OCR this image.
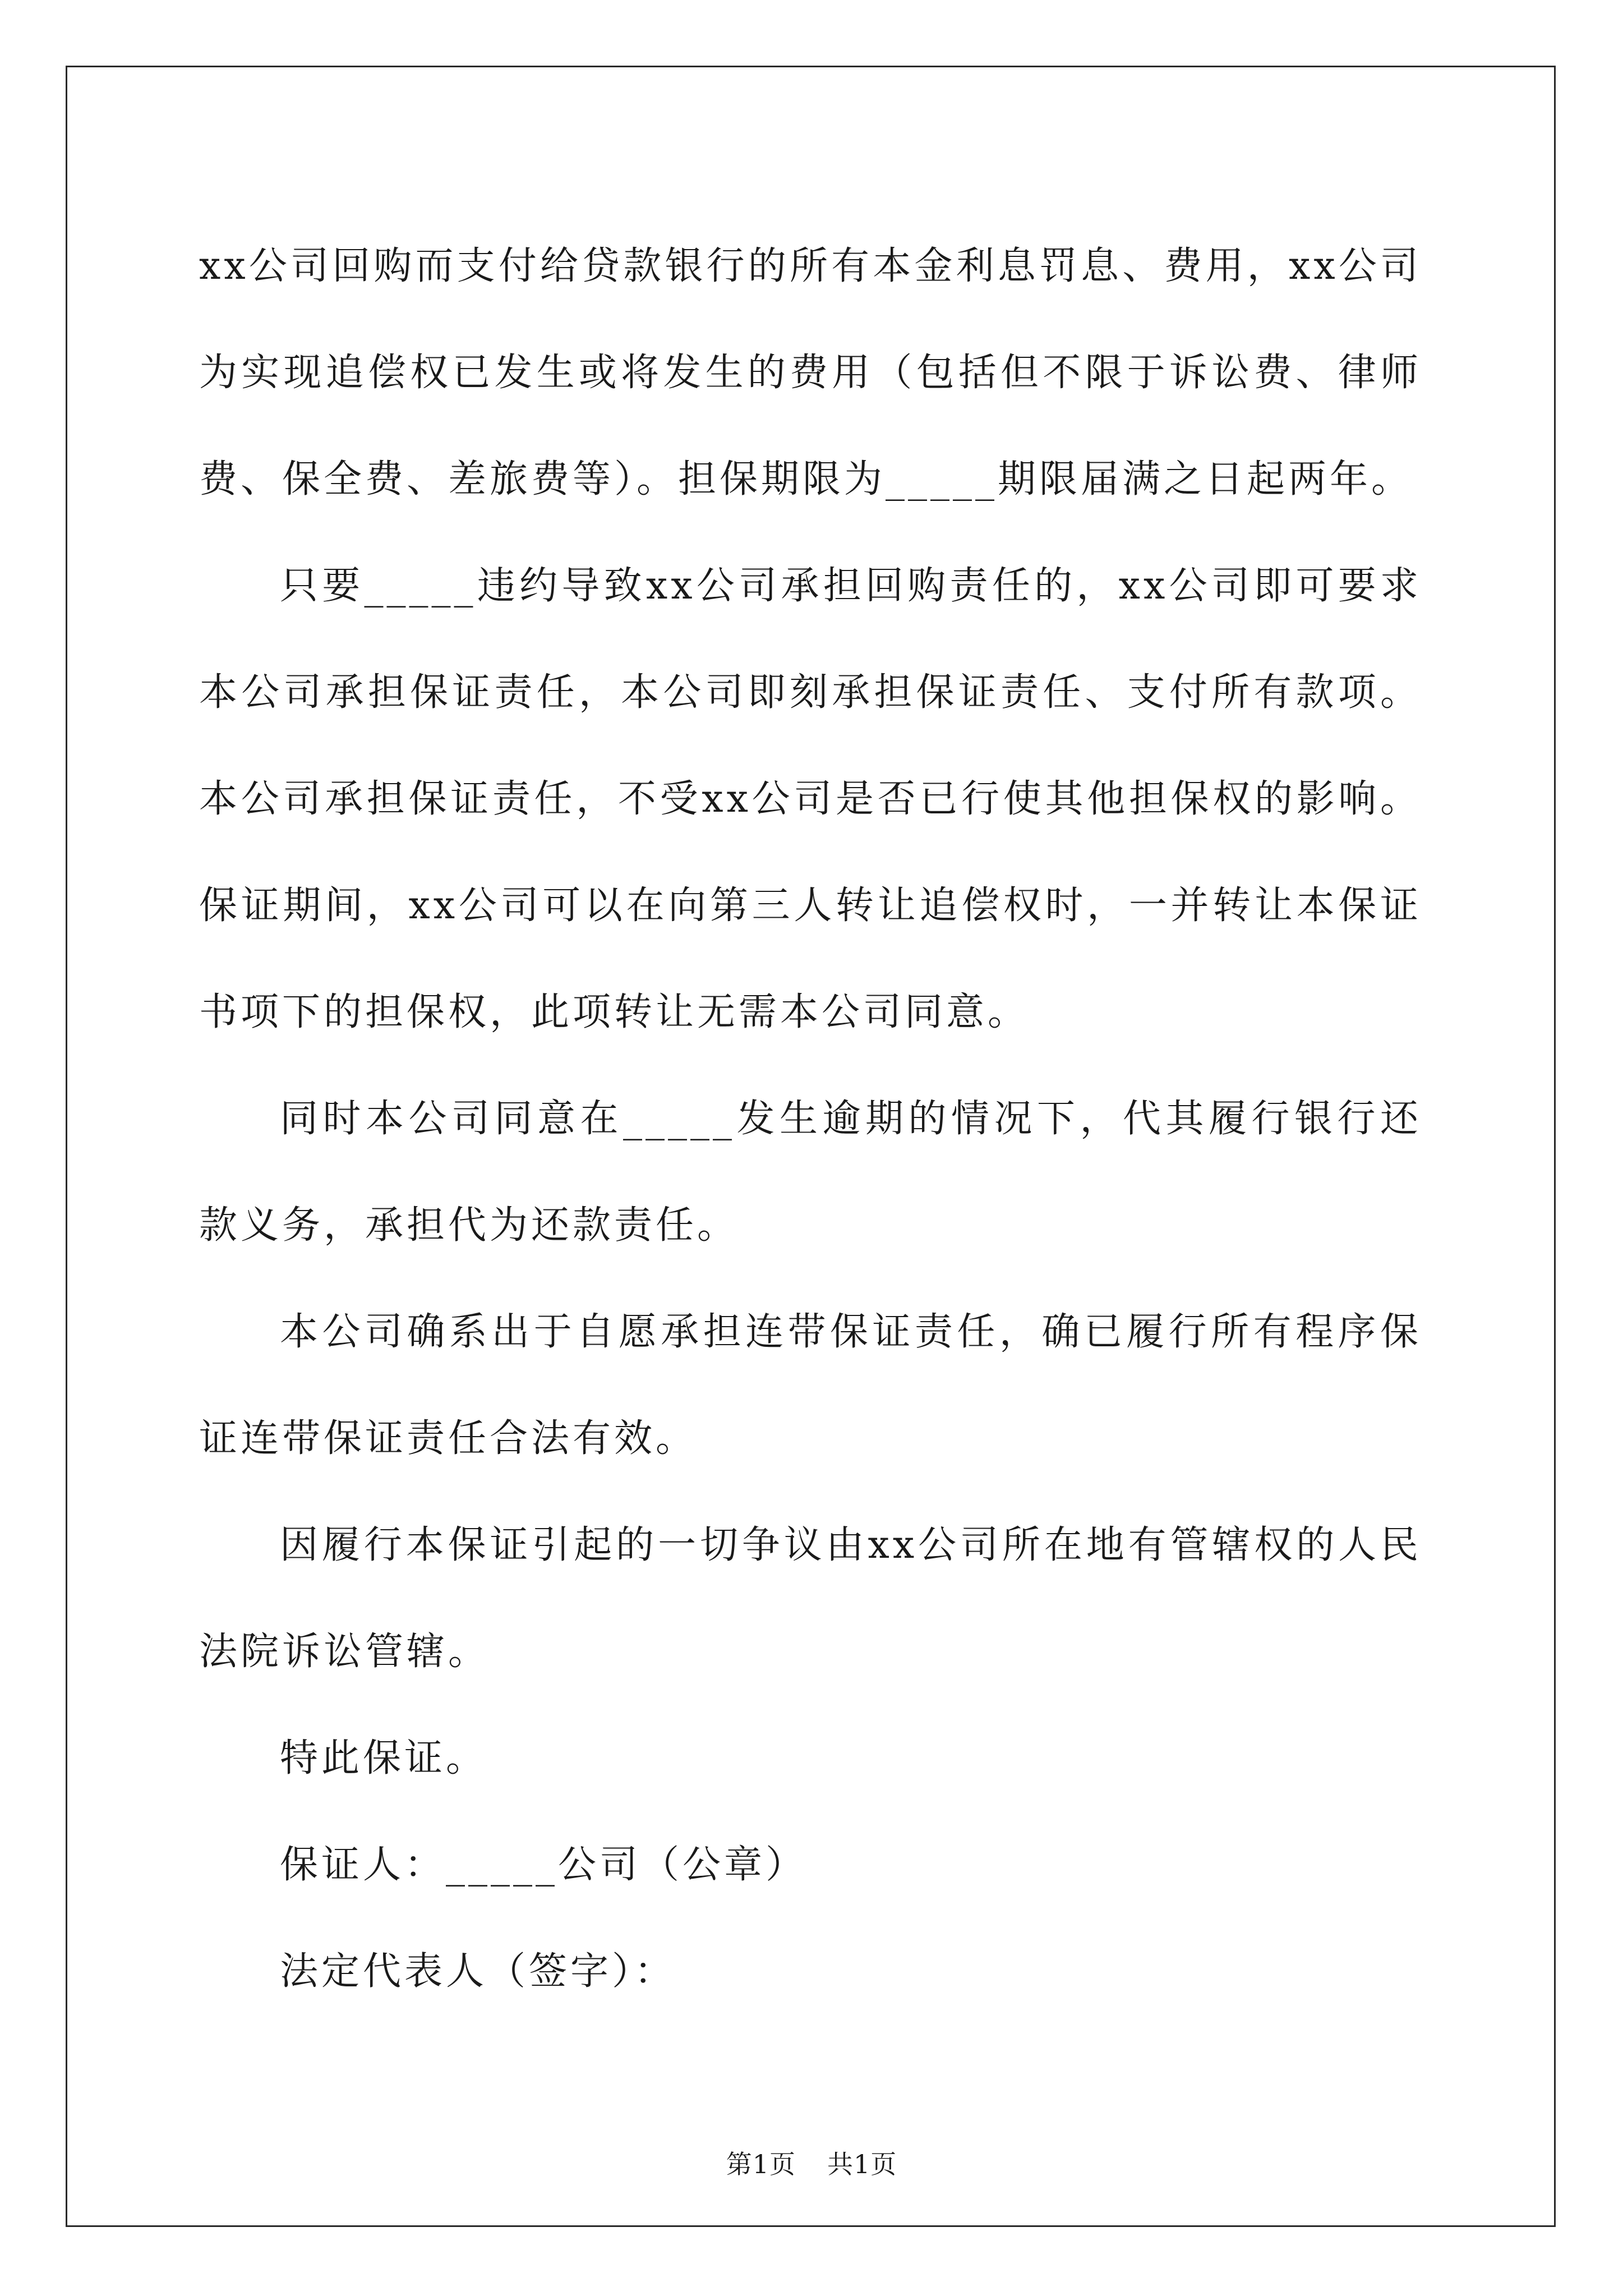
xx公司回购而支付给贷款银行的所有本金利息罚息、费用，xx公司为实现追偿权已发生或将发生的费用（包括但不限于诉讼费、律师费、保全费、差旅费等）。担保期限为_____期限届满之日起两年。

只要_____违约导致xx公司承担回购责任的，xx公司即可要求本公司承担保证责任，本公司即刻承担保证责任、支付所有款项。本公司承担保证责任，不受xx公司是否已行使其他担保权的影响。保证期间，xx公司可以在向第三人转让追偿权时，一并转让本保证书项下的担保权，此项转让无需本公司同意。

同时本公司同意在_____发生逾期的情况下，代其履行银行还款义务，承担代为还款责任。

本公司确系出于自愿承担连带保证责任，确已履行所有程序保证连带保证责任合法有效。

因履行本保证引起的一切争议由xx公司所在地有管辖权的人民法院诉讼管辖。

特此保证。

保证人：_____公司（公章）

法定代表人（签字）：

第1页 共1页
